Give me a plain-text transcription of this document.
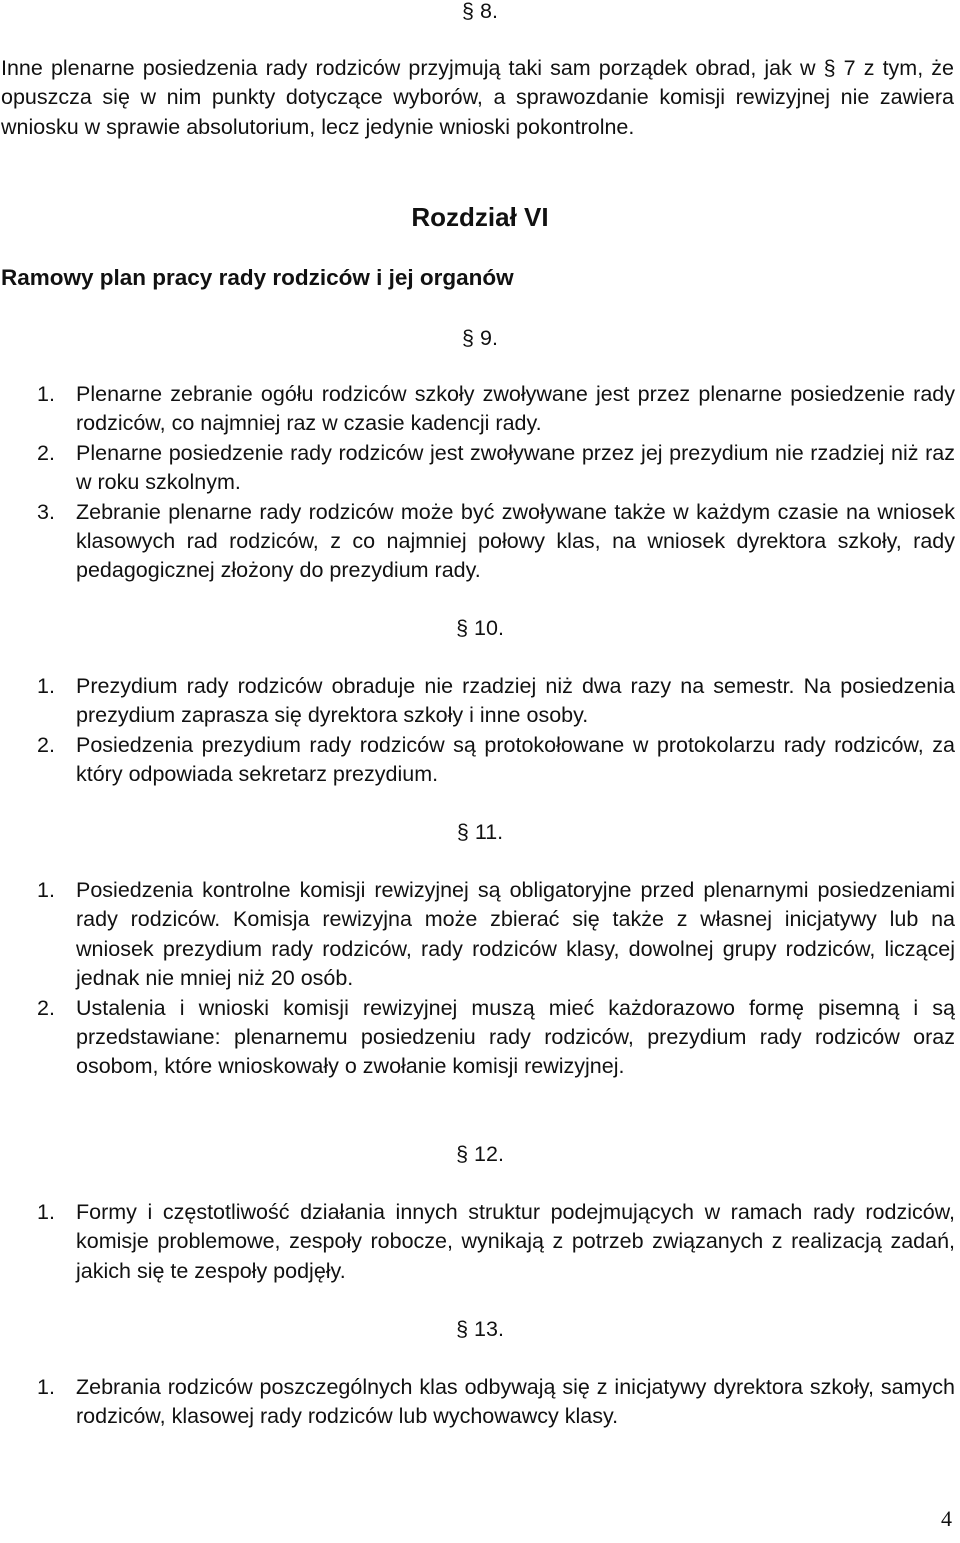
§ 8.

Inne plenarne posiedzenia rady rodziców przyjmują taki sam porządek obrad, jak w § 7 z tym, że opuszcza się w nim punkty dotyczące wyborów, a sprawozdanie komisji rewizyjnej nie zawiera wniosku w sprawie absolutorium, lecz jedynie wnioski pokontrolne.

Rozdział VI
Ramowy plan pracy rady rodziców i jej organów

§ 9.

1. Plenarne zebranie ogółu rodziców szkoły zwoływane jest przez plenarne posiedzenie rady rodziców, co najmniej raz w czasie kadencji rady.
2. Plenarne posiedzenie rady rodziców jest zwoływane przez jej prezydium nie rzadziej niż raz w roku szkolnym.
3. Zebranie plenarne rady rodziców może być zwoływane także w każdym czasie na wniosek klasowych rad rodziców, z co najmniej połowy klas, na wniosek dyrektora szkoły, rady pedagogicznej złożony do prezydium rady.

§ 10.

1. Prezydium rady rodziców obraduje nie rzadziej niż dwa razy na semestr. Na posiedzenia prezydium zaprasza się dyrektora szkoły i inne osoby.
2. Posiedzenia prezydium rady rodziców są protokołowane w protokolarzu rady rodziców, za który odpowiada sekretarz prezydium.

§ 11.

1. Posiedzenia kontrolne komisji rewizyjnej są obligatoryjne przed plenarnymi posiedzeniami rady rodziców. Komisja rewizyjna może zbierać się także z własnej inicjatywy lub na wniosek prezydium rady rodziców, rady rodziców klasy, dowolnej grupy rodziców, liczącej jednak nie mniej niż 20 osób.
2. Ustalenia i wnioski komisji rewizyjnej muszą mieć każdorazowo formę pisemną i są przedstawiane: plenarnemu posiedzeniu rady rodziców, prezydium rady rodziców oraz osobom, które wnioskowały o zwołanie komisji rewizyjnej.

§ 12.

1. Formy i częstotliwość działania innych struktur podejmujących w ramach rady rodziców, komisje problemowe, zespoły robocze, wynikają z potrzeb związanych z realizacją zadań, jakich się te zespoły podjęły.

§ 13.

1. Zebrania rodziców poszczególnych klas odbywają się z inicjatywy dyrektora szkoły, samych rodziców, klasowej rady rodziców lub wychowawcy klasy.

4
